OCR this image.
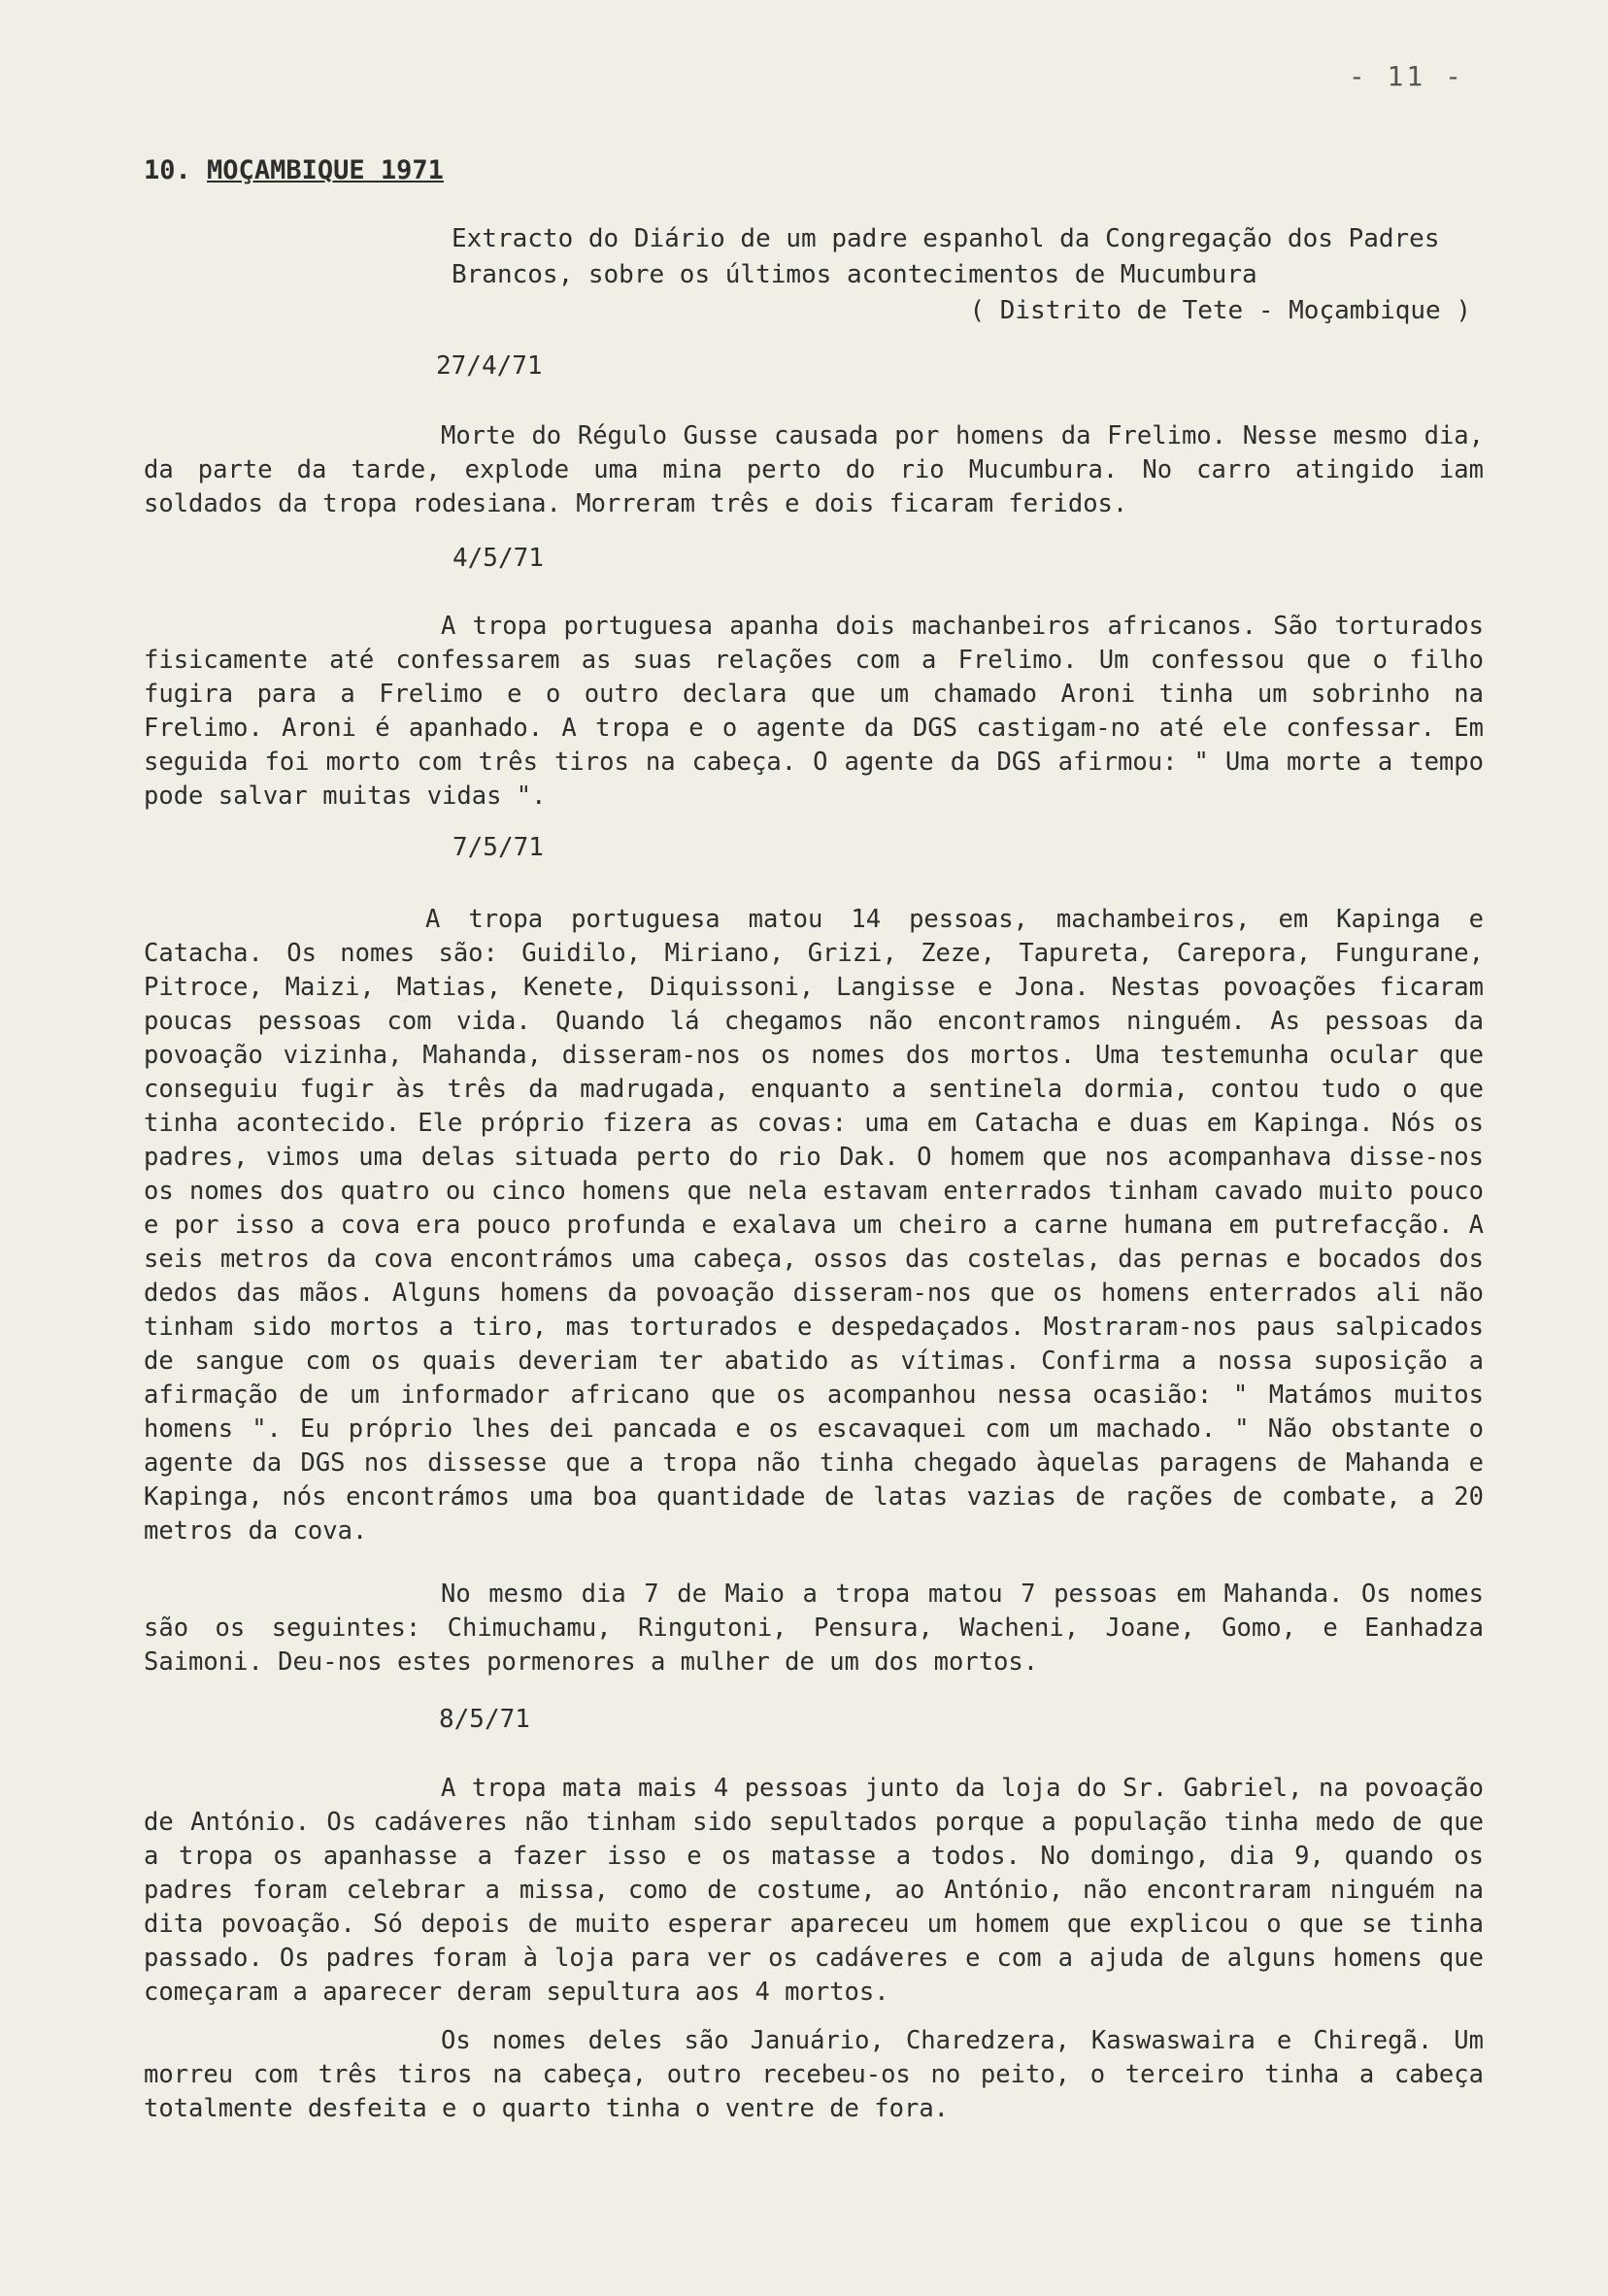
- 11 -
10. MOÇAMBIQUE 1971
Extracto do Diário de um padre espanhol da Congregação dos Padres
Brancos, sobre os últimos acontecimentos de Mucumbura
( Distrito de Tete - Moçambique )
27/4/71

Morte do Régulo Gusse causada por homens da Frelimo. Nesse mesmo dia, da parte da tarde, explode uma mina perto do rio Mucumbura. No carro atingido iam soldados da tropa rodesiana. Morreram três e dois ficaram feridos.

4/5/71

A tropa portuguesa apanha dois machanbeiros africanos. São torturados fisicamente até confessarem as suas relações com a Frelimo. Um confessou que o filho fugira para a Frelimo e o outro declara que um chamado Aroni tinha um sobrinho na Frelimo. Aroni é apanhado. A tropa e o agente da DGS castigam-no até ele confessar. Em seguida foi morto com três tiros na cabeça. O agente da DGS afirmou: " Uma morte a tempo pode salvar muitas vidas ".

7/5/71

A tropa portuguesa matou 14 pessoas, machambeiros, em Kapinga e Catacha. Os nomes são: Guidilo, Miriano, Grizi, Zeze, Tapureta, Carepora, Fungurane, Pitroce, Maizi, Matias, Kenete, Diquissoni, Langisse e Jona. Nestas povoações ficaram poucas pessoas com vida. Quando lá chegamos não encontramos ninguém. As pessoas da povoação vizinha, Mahanda, disseram-nos os nomes dos mortos. Uma testemunha ocular que conseguiu fugir às três da madrugada, enquanto a sentinela dormia, contou tudo o que tinha acontecido. Ele próprio fizera as covas: uma em Catacha e duas em Kapinga. Nós os padres, vimos uma delas situada perto do rio Dak. O homem que nos acompanhava disse-nos os nomes dos quatro ou cinco homens que nela estavam enterrados tinham cavado muito pouco e por isso a cova era pouco profunda e exalava um cheiro a carne humana em putrefacção. A seis metros da cova encontrámos uma cabeça, ossos das costelas, das pernas e bocados dos dedos das mãos. Alguns homens da povoação disseram-nos que os homens enterrados ali não tinham sido mortos a tiro, mas torturados e despedaçados. Mostraram-nos paus salpicados de sangue com os quais deveriam ter abatido as vítimas. Confirma a nossa suposição a afirmação de um informador africano que os acompanhou nessa ocasião: " Matámos muitos homens ". Eu próprio lhes dei pancada e os escavaquei com um machado. " Não obstante o agente da DGS nos dissesse que a tropa não tinha chegado àquelas paragens de Mahanda e Kapinga, nós encontrámos uma boa quantidade de latas vazias de rações de combate, a 20 metros da cova.

No mesmo dia 7 de Maio a tropa matou 7 pessoas em Mahanda. Os nomes são os seguintes: Chimuchamu, Ringutoni, Pensura, Wacheni, Joane, Gomo, e Eanhadza Saimoni. Deu-nos estes pormenores a mulher de um dos mortos.

8/5/71

A tropa mata mais 4 pessoas junto da loja do Sr. Gabriel, na povoação de António. Os cadáveres não tinham sido sepultados porque a população tinha medo de que a tropa os apanhasse a fazer isso e os matasse a todos. No domingo, dia 9, quando os padres foram celebrar a missa, como de costume, ao António, não encontraram ninguém na dita povoação. Só depois de muito esperar apareceu um homem que explicou o que se tinha passado. Os padres foram à loja para ver os cadáveres e com a ajuda de alguns homens que começaram a aparecer deram sepultura aos 4 mortos.

Os nomes deles são Januário, Charedzera, Kaswaswaira e Chiregã. Um morreu com três tiros na cabeça, outro recebeu-os no peito, o terceiro tinha a cabeça totalmente desfeita e o quarto tinha o ventre de fora.
